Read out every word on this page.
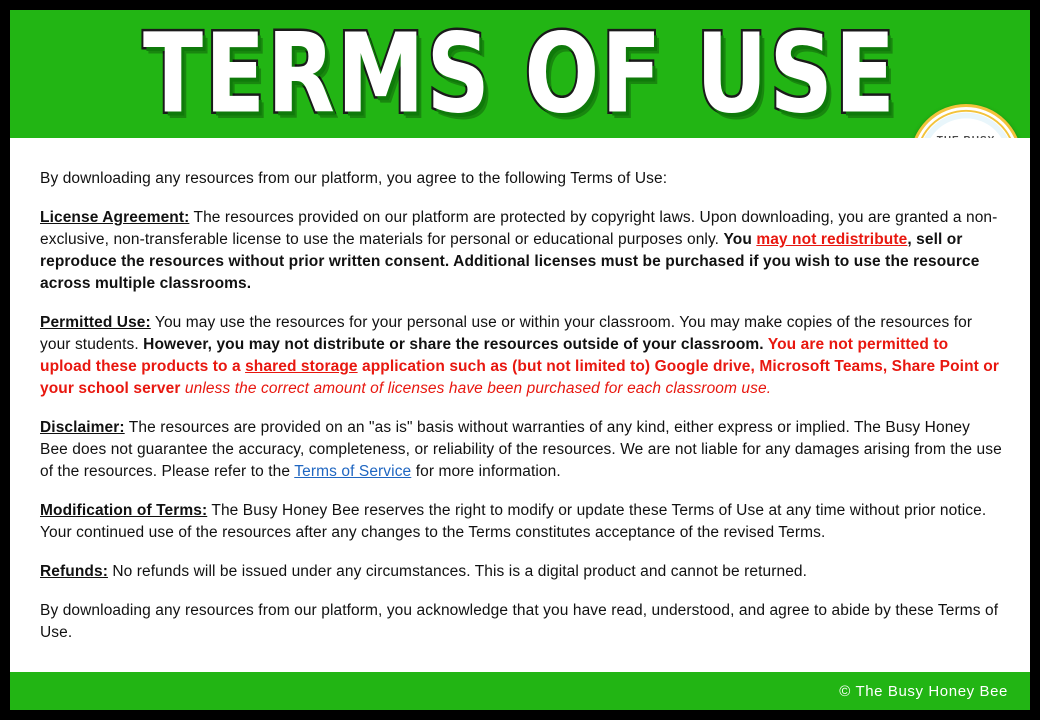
TERMS OF USE

By downloading any resources from our platform, you agree to the following Terms of Use:

License Agreement: The resources provided on our platform are protected by copyright laws. Upon downloading, you are granted a non-exclusive, non-transferable license to use the materials for personal or educational purposes only. You may not redistribute, sell or reproduce the resources without prior written consent. Additional licenses must be purchased if you wish to use the resource across multiple classrooms.

Permitted Use: You may use the resources for your personal use or within your classroom. You may make copies of the resources for your students. However, you may not distribute or share the resources outside of your classroom. You are not permitted to upload these products to a shared storage application such as (but not limited to) Google drive, Microsoft Teams, Share Point or your school server unless the correct amount of licenses have been purchased for each classroom use.

Disclaimer: The resources are provided on an "as is" basis without warranties of any kind, either express or implied. The Busy Honey Bee does not guarantee the accuracy, completeness, or reliability of the resources. We are not liable for any damages arising from the use of the resources. Please refer to the Terms of Service for more information.

Modification of Terms: The Busy Honey Bee reserves the right to modify or update these Terms of Use at any time without prior notice. Your continued use of the resources after any changes to the Terms constitutes acceptance of the revised Terms.

Refunds: No refunds will be issued under any circumstances. This is a digital product and cannot be returned.

By downloading any resources from our platform, you acknowledge that you have read, understood, and agree to abide by these Terms of Use.

© The Busy Honey Bee
